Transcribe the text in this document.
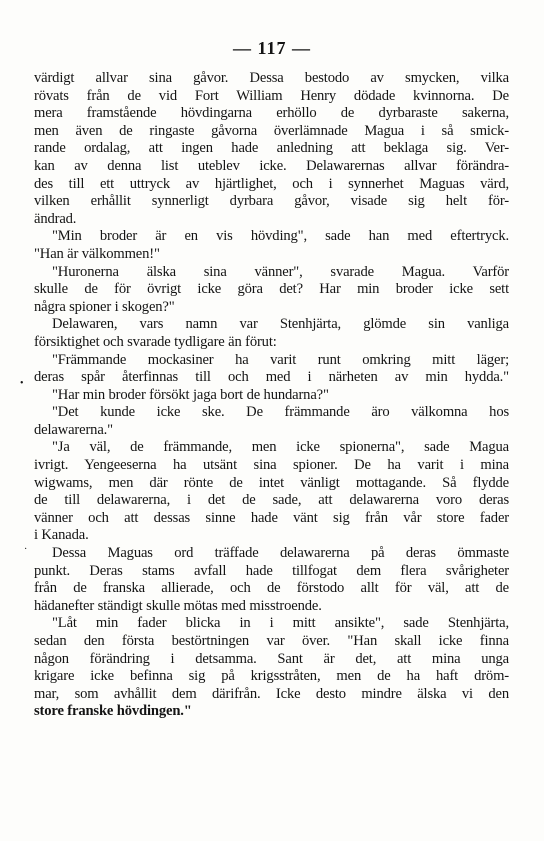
— 117 —
•
·
värdigt allvar sina gåvor. Dessa bestodo av smycken, vilka
rövats från de vid Fort William Henry dödade kvinnorna. De
mera framstående hövdingarna erhöllo de dyrbaraste sakerna,
men även de ringaste gåvorna överlämnade Magua i så smick-
rande ordalag, att ingen hade anledning att beklaga sig. Ver-
kan av denna list uteblev icke. Delawarernas allvar förändra-
des till ett uttryck av hjärtlighet, och i synnerhet Maguas värd,
vilken erhållit synnerligt dyrbara gåvor, visade sig helt för-
ändrad.
"Min broder är en vis hövding", sade han med eftertryck.
"Han är välkommen!"
"Huronerna älska sina vänner", svarade Magua. Varför
skulle de för övrigt icke göra det? Har min broder icke sett
några spioner i skogen?"
Delawaren, vars namn var Stenhjärta, glömde sin vanliga
försiktighet och svarade tydligare än förut:
"Främmande mockasiner ha varit runt omkring mitt läger;
deras spår återfinnas till och med i närheten av min hydda."
"Har min broder försökt jaga bort de hundarna?"
"Det kunde icke ske. De främmande äro välkomna hos
delawarerna."
"Ja väl, de främmande, men icke spionerna", sade Magua
ivrigt. Yengeeserna ha utsänt sina spioner. De ha varit i mina
wigwams, men där rönte de intet vänligt mottagande. Så flydde
de till delawarerna, i det de sade, att delawarerna voro deras
vänner och att dessas sinne hade vänt sig från vår store fader
i Kanada.
Dessa Maguas ord träffade delawarerna på deras ömmaste
punkt. Deras stams avfall hade tillfogat dem flera svårigheter
från de franska allierade, och de förstodo allt för väl, att de
hädanefter ständigt skulle mötas med misstroende.
"Låt min fader blicka in i mitt ansikte", sade Stenhjärta,
sedan den första bestörtningen var över. "Han skall icke finna
någon förändring i detsamma. Sant är det, att mina unga
krigare icke befinna sig på krigsstråten, men de ha haft dröm-
mar, som avhållit dem därifrån. Icke desto mindre älska vi den
store franske hövdingen."
